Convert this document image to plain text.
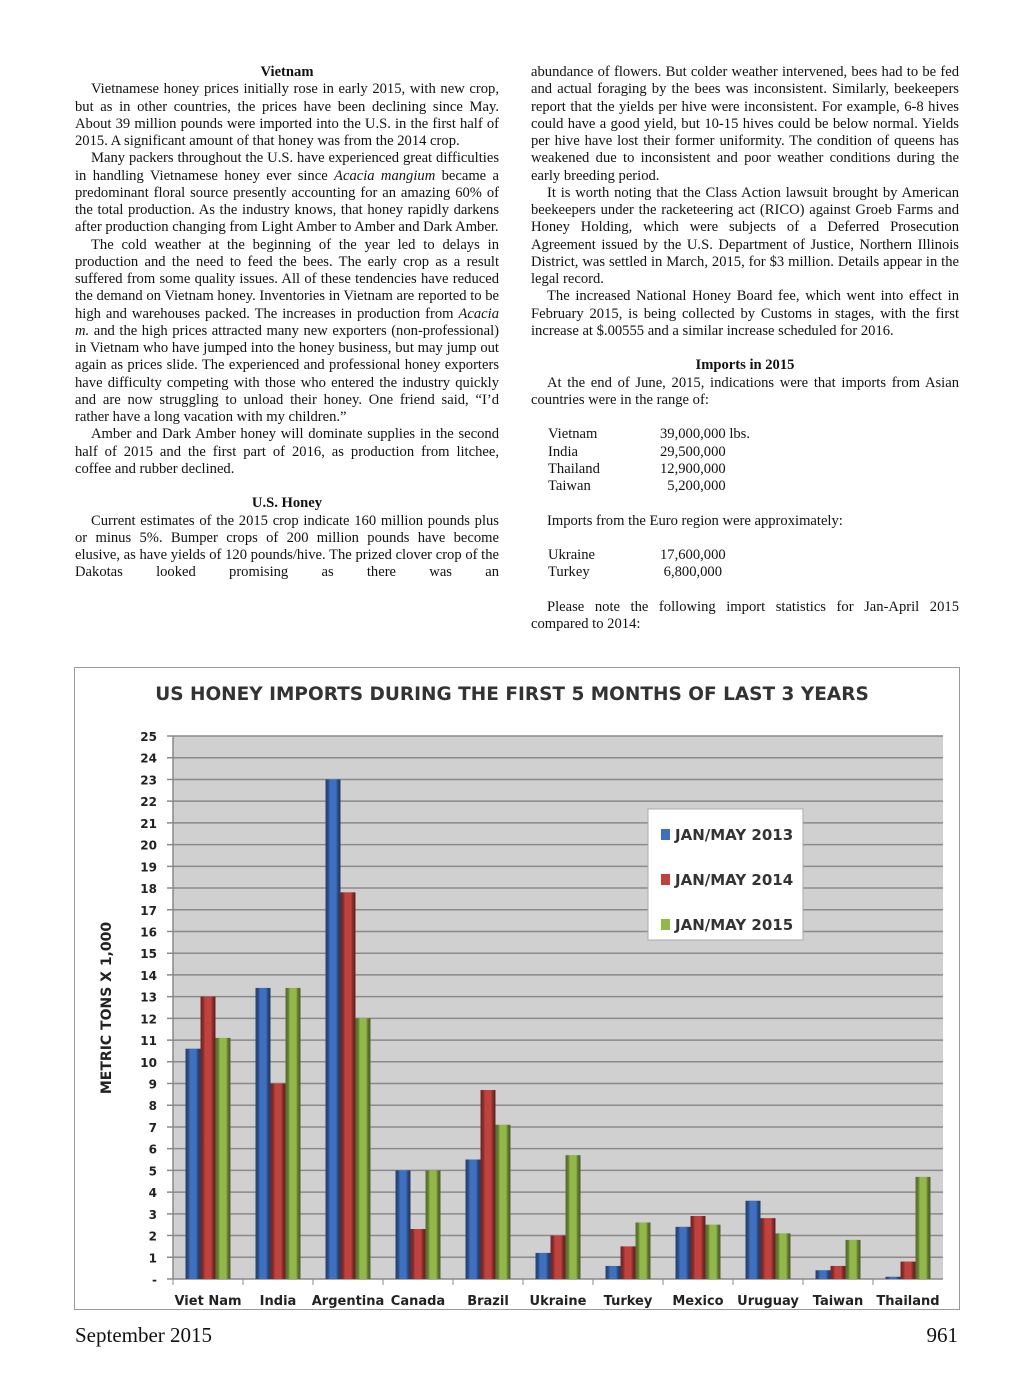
Vietnam

Vietnamese honey prices initially rose in early 2015, with new crop, but as in other countries, the prices have been declining since May. About 39 million pounds were imported into the U.S. in the first half of 2015. A significant amount of that honey was from the 2014 crop.

Many packers throughout the U.S. have experienced great difficulties in handling Vietnamese honey ever since Acacia mangium became a predominant floral source presently accounting for an amazing 60% of the total production. As the industry knows, that honey rapidly darkens after production changing from Light Amber to Amber and Dark Amber.

The cold weather at the beginning of the year led to delays in production and the need to feed the bees. The early crop as a result suffered from some quality issues. All of these tendencies have reduced the demand on Vietnam honey. Inventories in Vietnam are reported to be high and warehouses packed. The increases in production from Acacia m. and the high prices attracted many new exporters (non-professional) in Vietnam who have jumped into the honey business, but may jump out again as prices slide. The experienced and professional honey exporters have difficulty competing with those who entered the industry quickly and are now struggling to unload their honey. One friend said, “I’d rather have a long vacation with my children.”

Amber and Dark Amber honey will dominate supplies in the second half of 2015 and the first part of 2016, as production from litchee, coffee and rubber declined.

U.S. Honey

Current estimates of the 2015 crop indicate 160 million pounds plus or minus 5%. Bumper crops of 200 million pounds have become elusive, as have yields of 120 pounds/hive. The prized clover crop of the Dakotas looked promising as there was an

abundance of flowers. But colder weather intervened, bees had to be fed and actual foraging by the bees was inconsistent. Similarly, beekeepers report that the yields per hive were inconsistent. For example, 6-8 hives could have a good yield, but 10-15 hives could be below normal. Yields per hive have lost their former uniformity. The condition of queens has weakened due to inconsistent and poor weather conditions during the early breeding period.

It is worth noting that the Class Action lawsuit brought by American beekeepers under the racketeering act (RICO) against Groeb Farms and Honey Holding, which were subjects of a Deferred Prosecution Agreement issued by the U.S. Department of Justice, Northern Illinois District, was settled in March, 2015, for $3 million. Details appear in the legal record.

The increased National Honey Board fee, which went into effect in February 2015, is being collected by Customs in stages, with the first increase at $.00555 and a similar increase scheduled for 2016.

Imports in 2015

At the end of June, 2015, indications were that imports from Asian countries were in the range of:

Vietnam	39,000,000 lbs.
India	29,500,000
Thailand	12,900,000
Taiwan	5,200,000

Imports from the Euro region were approximately:

Ukraine	17,600,000
Turkey	6,800,000

Please note the following import statistics for Jan-April 2015 compared to 2014:

US HONEY IMPORTS DURING THE FIRST 5 MONTHS OF LAST 3 YEARS
-
1
2
3
4
5
6
7
8
9
10
11
12
13
14
15
16
17
18
19
20
21
22
23
24
25
METRIC TONS X 1,000
Viet Nam India Argentina Canada Brazil Ukraine Turkey Mexico Uruguay Taiwan Thailand
JAN/MAY 2013
JAN/MAY 2014
JAN/MAY 2015
September 2015	961
